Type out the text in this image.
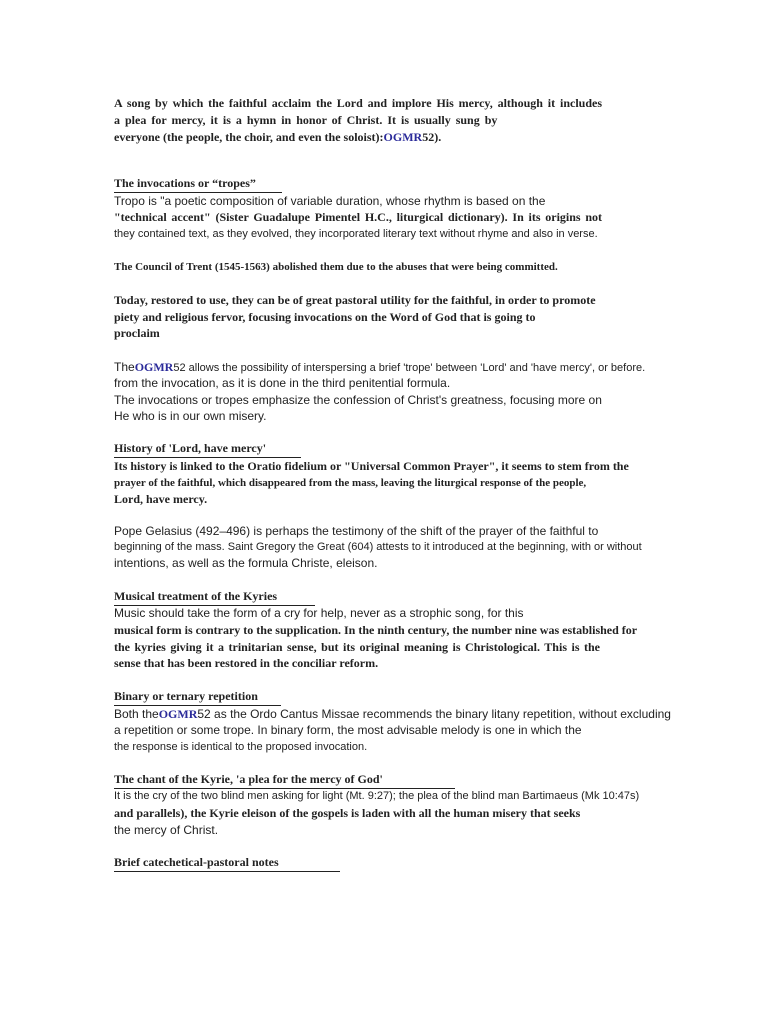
A song by which the faithful acclaim the Lord and implore His mercy, although it includes
a plea for mercy, it is a hymn in honor of Christ. It is usually sung by
everyone (the people, the choir, and even the soloist):OGMR52).
The invocations or “tropes”
Tropo is "a poetic composition of variable duration, whose rhythm is based on the
"technical accent" (Sister Guadalupe Pimentel H.C., liturgical dictionary). In its origins not
they contained text, as they evolved, they incorporated literary text without rhyme and also in verse.
The Council of Trent (1545-1563) abolished them due to the abuses that were being committed.
Today, restored to use, they can be of great pastoral utility for the faithful, in order to promote
piety and religious fervor, focusing invocations on the Word of God that is going to
proclaim
TheOGMR52 allows the possibility of interspersing a brief 'trope' between 'Lord' and 'have mercy', or before.
from the invocation, as it is done in the third penitential formula.
The invocations or tropes emphasize the confession of Christ's greatness, focusing more on
He who is in our own misery.
History of 'Lord, have mercy'
Its history is linked to the Oratio fidelium or "Universal Common Prayer", it seems to stem from the
prayer of the faithful, which disappeared from the mass, leaving the liturgical response of the people,
Lord, have mercy.
Pope Gelasius (492–496) is perhaps the testimony of the shift of the prayer of the faithful to
beginning of the mass. Saint Gregory the Great (604) attests to it introduced at the beginning, with or without
intentions, as well as the formula Christe, eleison.
Musical treatment of the Kyries
Music should take the form of a cry for help, never as a strophic song, for this
musical form is contrary to the supplication. In the ninth century, the number nine was established for
the kyries giving it a trinitarian sense, but its original meaning is Christological. This is the
sense that has been restored in the conciliar reform.
Binary or ternary repetition
Both theOGMR52 as the Ordo Cantus Missae recommends the binary litany repetition, without excluding
a repetition or some trope. In binary form, the most advisable melody is one in which the
the response is identical to the proposed invocation.
The chant of the Kyrie, 'a plea for the mercy of God'
It is the cry of the two blind men asking for light (Mt. 9:27); the plea of the blind man Bartimaeus (Mk 10:47s)
and parallels), the Kyrie eleison of the gospels is laden with all the human misery that seeks
the mercy of Christ.
Brief catechetical-pastoral notes
